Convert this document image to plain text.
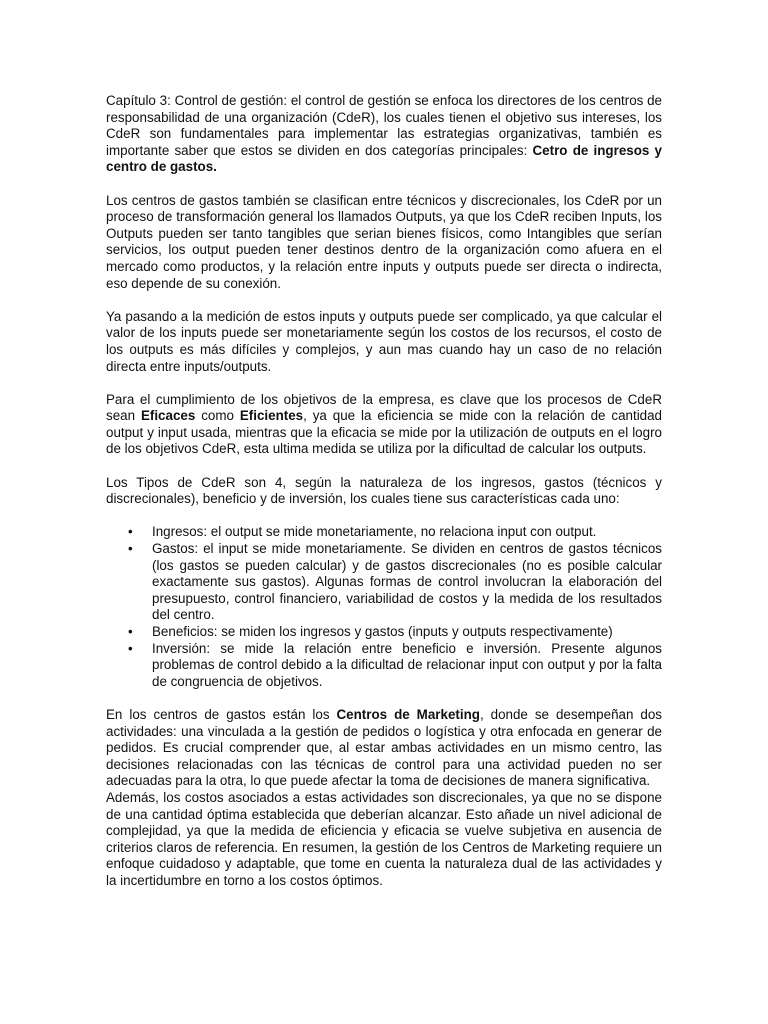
Capítulo 3: Control de gestión: el control de gestión se enfoca los directores de los centros de responsabilidad de una organización (CdeR), los cuales tienen el objetivo sus intereses, los CdeR son fundamentales para implementar las estrategias organizativas, también es importante saber que estos se dividen en dos categorías principales: Cetro de ingresos y centro de gastos.

Los centros de gastos también se clasifican entre técnicos y discrecionales, los CdeR por un proceso de transformación general los llamados Outputs, ya que los CdeR reciben Inputs, los Outputs pueden ser tanto tangibles que serian bienes físicos, como Intangibles que serían servicios, los output pueden tener destinos dentro de la organización como afuera en el mercado como productos, y la relación entre inputs y outputs puede ser directa o indirecta, eso depende de su conexión.

Ya pasando a la medición de estos inputs y outputs puede ser complicado, ya que calcular el valor de los inputs puede ser monetariamente según los costos de los recursos, el costo de los outputs es más difíciles y complejos, y aun mas cuando hay un caso de no relación directa entre inputs/outputs.

Para el cumplimiento de los objetivos de la empresa, es clave que los procesos de CdeR sean Eficaces como Eficientes, ya que la eficiencia se mide con la relación de cantidad output y input usada, mientras que la eficacia se mide por la utilización de outputs en el logro de los objetivos CdeR, esta ultima medida se utiliza por la dificultad de calcular los outputs.

Los Tipos de CdeR son 4, según la naturaleza de los ingresos, gastos (técnicos y discrecionales), beneficio y de inversión, los cuales tiene sus características cada uno:

• Ingresos: el output se mide monetariamente, no relaciona input con output.
• Gastos: el input se mide monetariamente. Se dividen en centros de gastos técnicos (los gastos se pueden calcular) y de gastos discrecionales (no es posible calcular exactamente sus gastos). Algunas formas de control involucran la elaboración del presupuesto, control financiero, variabilidad de costos y la medida de los resultados del centro.
• Beneficios: se miden los ingresos y gastos (inputs y outputs respectivamente)
• Inversión: se mide la relación entre beneficio e inversión. Presente algunos problemas de control debido a la dificultad de relacionar input con output y por la falta de congruencia de objetivos.

En los centros de gastos están los Centros de Marketing, donde se desempeñan dos actividades: una vinculada a la gestión de pedidos o logística y otra enfocada en generar de pedidos. Es crucial comprender que, al estar ambas actividades en un mismo centro, las decisiones relacionadas con las técnicas de control para una actividad pueden no ser adecuadas para la otra, lo que puede afectar la toma de decisiones de manera significativa.

Además, los costos asociados a estas actividades son discrecionales, ya que no se dispone de una cantidad óptima establecida que deberían alcanzar. Esto añade un nivel adicional de complejidad, ya que la medida de eficiencia y eficacia se vuelve subjetiva en ausencia de criterios claros de referencia. En resumen, la gestión de los Centros de Marketing requiere un enfoque cuidadoso y adaptable, que tome en cuenta la naturaleza dual de las actividades y la incertidumbre en torno a los costos óptimos.
